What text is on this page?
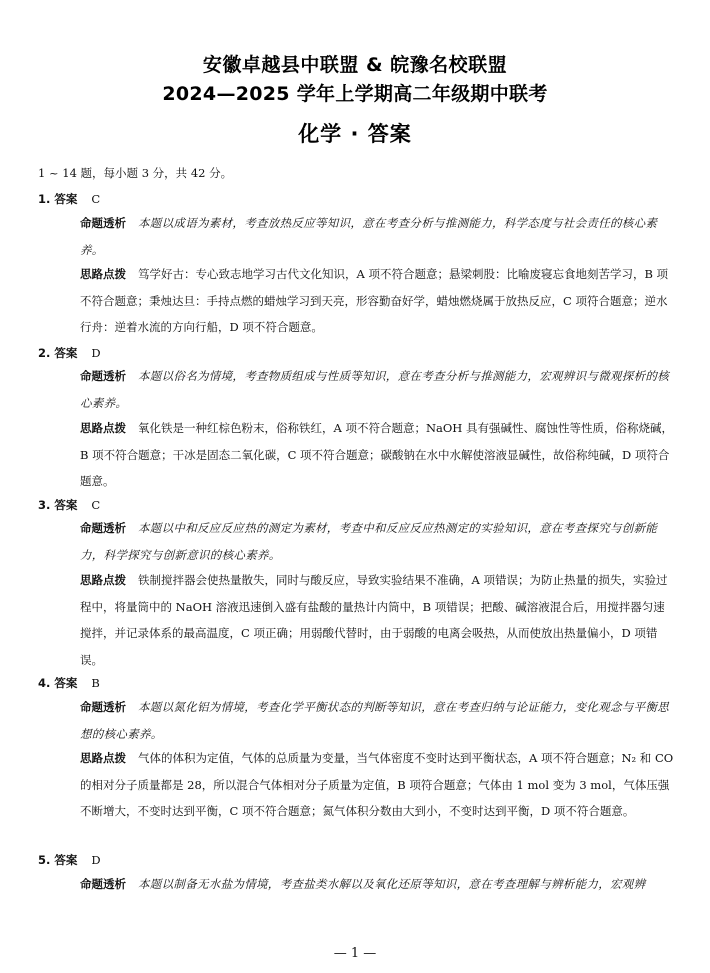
安徽卓越县中联盟 & 皖豫名校联盟
2024—2025 学年上学期高二年级期中联考
化学 · 答案
1 ~ 14 题，每小题 3 分，共 42 分。
1. 答案 C
命题透析 本题以成语为素材，考查放热反应等知识，意在考查分析与推测能力，科学态度与社会责任的核心素养。
思路点拨 笃学好古：专心致志地学习古代文化知识，A 项不符合题意；悬梁刺股：比喻废寝忘食地刻苦学习，B 项不符合题意；秉烛达旦：手持点燃的蜡烛学习到天亮，形容勤奋好学，蜡烛燃烧属于放热反应，C 项符合题意；逆水行舟：逆着水流的方向行船，D 项不符合题意。
2. 答案 D
命题透析 本题以俗名为情境，考查物质组成与性质等知识，意在考查分析与推测能力，宏观辨识与微观探析的核心素养。
思路点拨 氧化铁是一种红棕色粉末，俗称铁红，A 项不符合题意；NaOH 具有强碱性、腐蚀性等性质，俗称烧碱，B 项不符合题意；干冰是固态二氧化碳，C 项不符合题意；碳酸钠在水中水解使溶液显碱性，故俗称纯碱，D 项符合题意。
3. 答案 C
命题透析 本题以中和反应反应热的测定为素材，考查中和反应反应热测定的实验知识，意在考查探究与创新能力，科学探究与创新意识的核心素养。
思路点拨 铁制搅拌器会使热量散失，同时与酸反应，导致实验结果不准确，A 项错误；为防止热量的损失，实验过程中，将量筒中的 NaOH 溶液迅速倒入盛有盐酸的量热计内筒中，B 项错误；把酸、碱溶液混合后，用搅拌器匀速搅拌，并记录体系的最高温度，C 项正确；用弱酸代替时，由于弱酸的电离会吸热，从而使放出热量偏小，D 项错误。
4. 答案 B
命题透析 本题以氮化铝为情境，考查化学平衡状态的判断等知识，意在考查归纳与论证能力，变化观念与平衡思想的核心素养。
思路点拨 气体的体积为定值，气体的总质量为变量，当气体密度不变时达到平衡状态，A 项不符合题意；N₂ 和 CO 的相对分子质量都是 28，所以混合气体相对分子质量为定值，B 项符合题意；气体由 1 mol 变为 3 mol，气体压强不断增大，不变时达到平衡，C 项不符合题意；氮气体积分数由大到小，不变时达到平衡，D 项不符合题意。
5. 答案 D
命题透析 本题以制备无水盐为情境，考查盐类水解以及氧化还原等知识，意在考查理解与辨析能力，宏观辨
— 1 —
